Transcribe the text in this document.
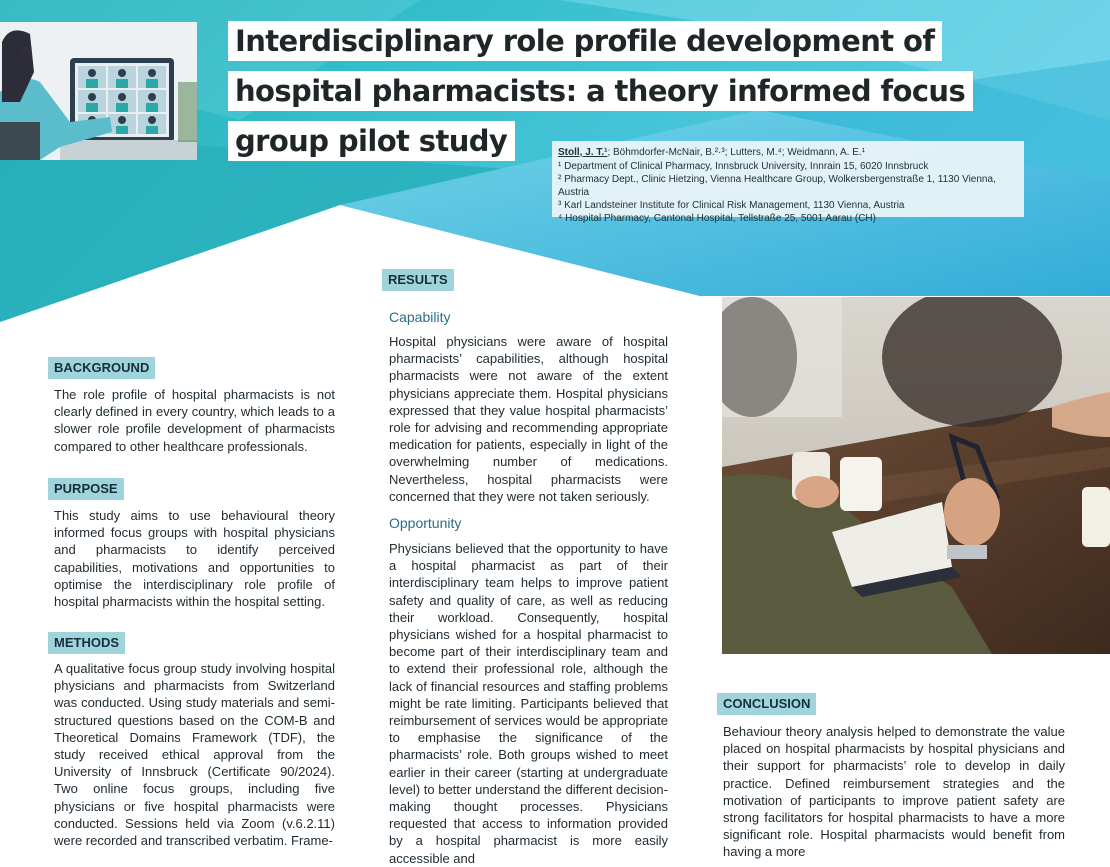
Interdisciplinary role profile development of
hospital pharmacists: a theory informed focus
group pilot study	Stoll, J. T.¹; Böhmdorfer-McNair, B.²·³; Lutters, M.⁴; Weidmann, A. E.¹
¹ Department of Clinical Pharmacy, Innsbruck University, Innrain 15, 6020 Innsbruck
² Pharmacy Dept., Clinic Hietzing, Vienna Healthcare Group, Wolkersbergenstraße 1, 1130 Vienna, Austria
³ Karl Landsteiner Institute for Clinical Risk Management, 1130 Vienna, Austria
⁴ Hospital Pharmacy, Cantonal Hospital, Tellstraße 25, 5001 Aarau (CH)
BACKGROUND

The role profile of hospital pharmacists is not clearly defined in every country, which leads to a slower role profile development of pharmacists compared to other healthcare professionals.

PURPOSE

This study aims to use behavioural theory informed focus groups with hospital physicians and pharmacists to identify perceived capabilities, motivations and opportunities to optimise the interdisciplinary role profile of hospital pharmacists within the hospital setting.

METHODS

A qualitative focus group study involving hospital physicians and pharmacists from Switzerland was conducted. Using study materials and semi-structured questions based on the COM-B and Theoretical Domains Framework (TDF), the study received ethical approval from the University of Innsbruck (Certificate 90/2024). Two online focus groups, including five physicians or five hospital pharmacists were conducted. Sessions held via Zoom (v.6.2.11) were recorded and transcribed verbatim. Frame-

RESULTS
Capability

Hospital physicians were aware of hospital pharmacists’ capabilities, although hospital pharmacists were not aware of the extent physicians appreciate them. Hospital physicians expressed that they value hospital pharmacists’ role for advising and recommending appropriate medication for patients, especially in light of the overwhelming number of medications. Nevertheless, hospital pharmacists were concerned that they were not taken seriously.

Opportunity

Physicians believed that the opportunity to have a hospital pharmacist as part of their interdisciplinary team helps to improve patient safety and quality of care, as well as reducing their workload. Consequently, hospital physicians wished for a hospital pharmacist to become part of their interdisciplinary team and to extend their professional role, although the lack of financial resources and staffing problems might be rate limiting. Participants believed that reimbursement of services would be appropriate to emphasise the significance of the pharmacists’ role. Both groups wished to meet earlier in their career (starting at undergraduate level) to better understand the different decision-making thought processes. Physicians requested that access to information provided by a hospital pharmacist is more easily accessible and

CONCLUSION

Behaviour theory analysis helped to demonstrate the value placed on hospital pharmacists by hospital physicians and their support for pharmacists’ role to develop in daily practice. Defined reimbursement strategies and the motivation of participants to improve patient safety are strong facilitators for hospital pharmacists to have a more significant role. Hospital pharmacists would benefit from having a more
